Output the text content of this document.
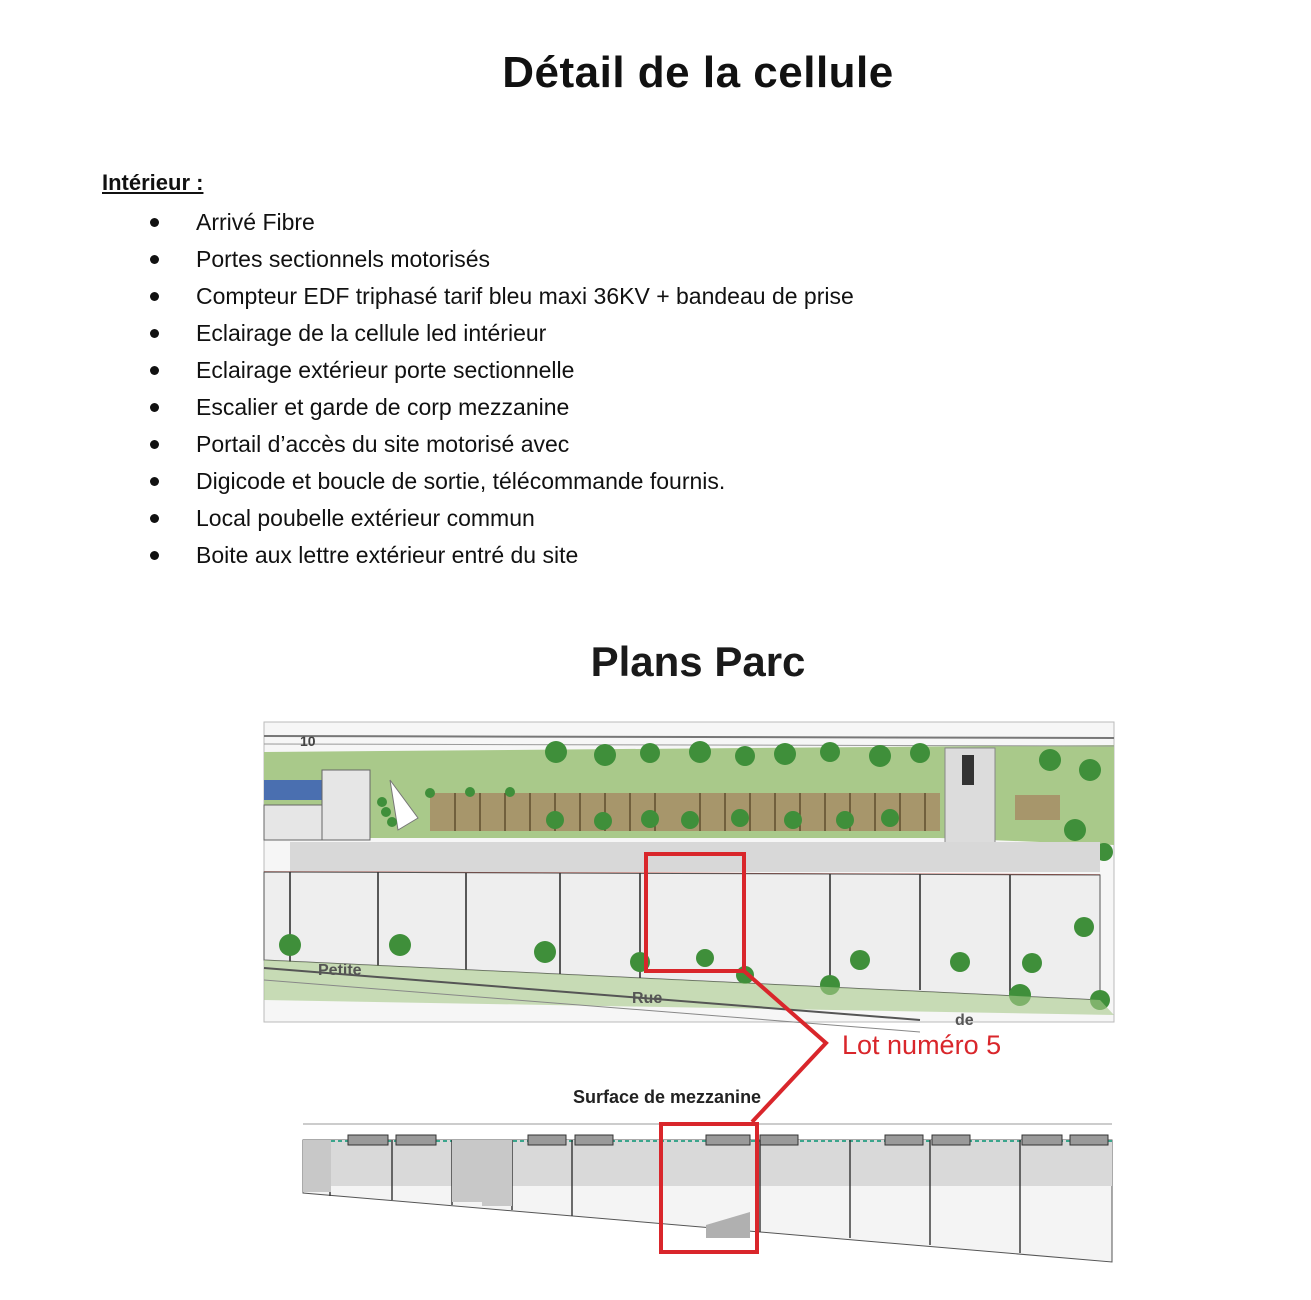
Détail de la cellule
Intérieur :
Arrivé Fibre
Portes sectionnels motorisés
Compteur EDF triphasé tarif bleu maxi 36KV + bandeau de prise
Eclairage de la cellule led intérieur
Eclairage extérieur porte sectionnelle
Escalier et garde de corp mezzanine
Portail d’accès du site motorisé avec
Digicode et boucle de sortie, télécommande fournis.
Local poubelle extérieur commun
Boite aux lettre extérieur entré du site
Plans Parc
10
Petite
Rue
de
Lot numéro 5
Surface de mezzanine
